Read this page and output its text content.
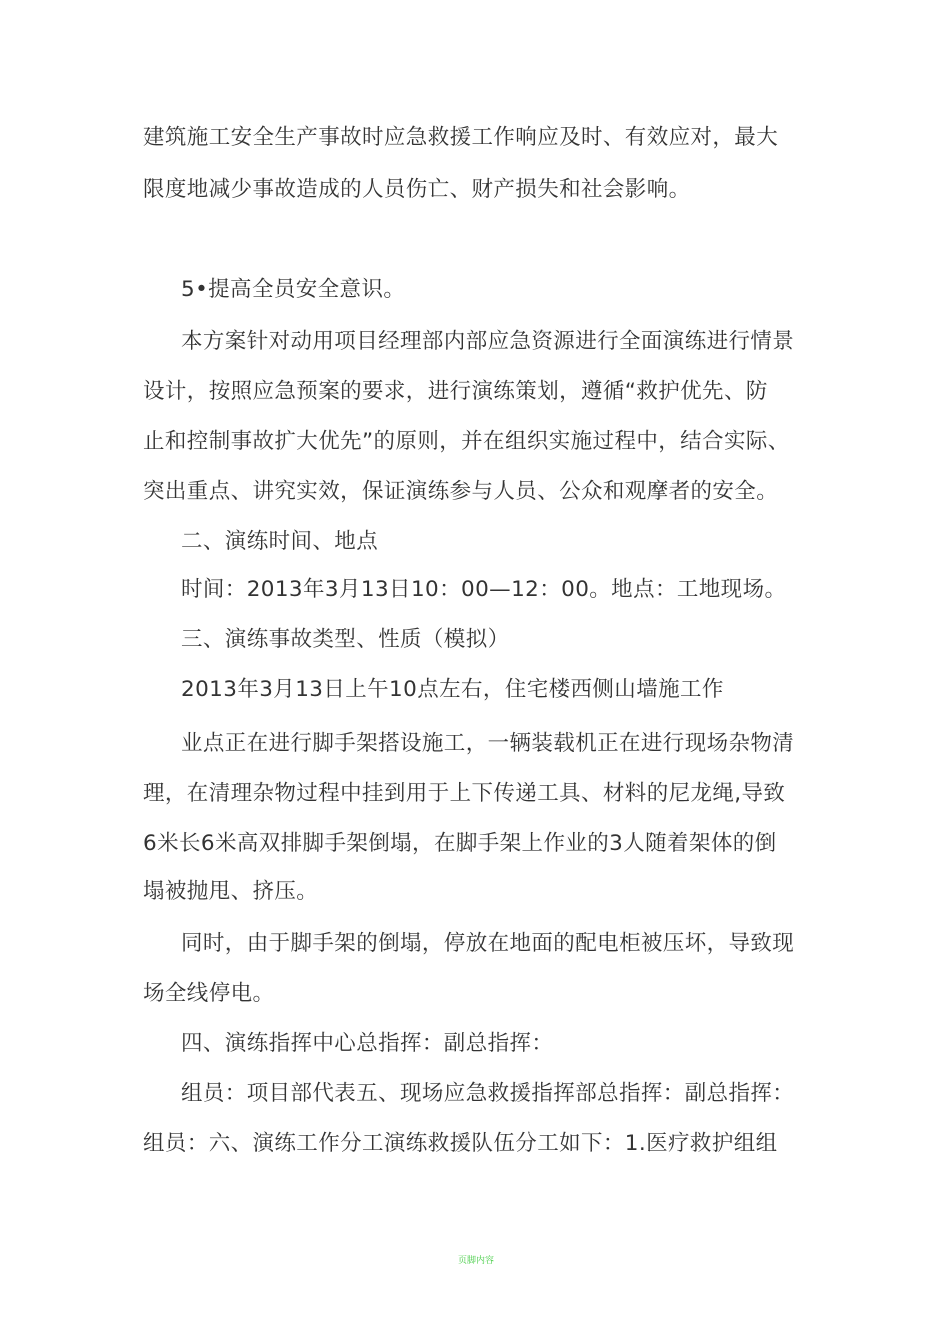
建筑施工安全生产事故时应急救援工作响应及时、有效应对，最大
限度地减少事故造成的人员伤亡、财产损失和社会影响。
5•提高全员安全意识。
本方案针对动用项目经理部内部应急资源进行全面演练进行情景
设计，按照应急预案的要求，进行演练策划，遵循“救护优先、防
止和控制事故扩大优先”的原则，并在组织实施过程中，结合实际、
突出重点、讲究实效，保证演练参与人员、公众和观摩者的安全。
二、演练时间、地点
时间：2013年3月13日10：00—12：00。地点：工地现场。
三、演练事故类型、性质（模拟）
2013年3月13日上午10点左右，住宅楼西侧山墙施工作
业点正在进行脚手架搭设施工，一辆装载机正在进行现场杂物清
理，在清理杂物过程中挂到用于上下传递工具、材料的尼龙绳,导致
6米长6米高双排脚手架倒塌，在脚手架上作业的3人随着架体的倒
塌被抛甩、挤压。
同时，由于脚手架的倒塌，停放在地面的配电柜被压坏，导致现
场全线停电。
四、演练指挥中心总指挥：副总指挥：
组员：项目部代表五、现场应急救援指挥部总指挥：副总指挥：
组员：六、演练工作分工演练救援队伍分工如下：1.医疗救护组组
页脚内容
